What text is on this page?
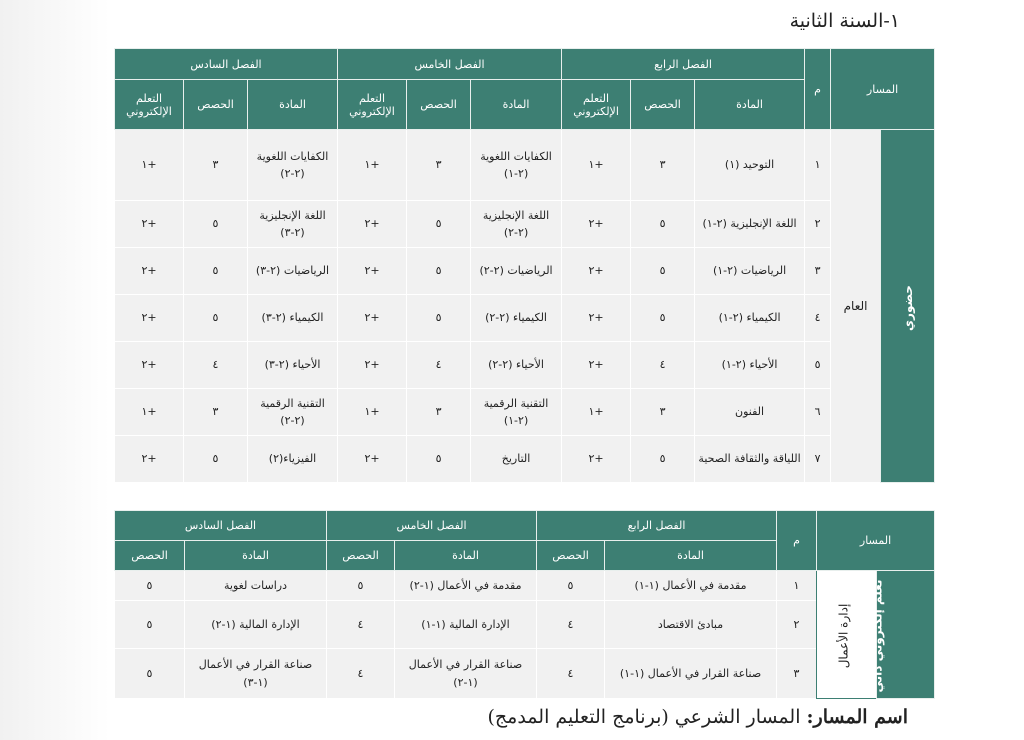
١-السنة الثانية
المسار		م	الفصل الرابع			الفصل الخامس			الفصل السادس		
			المادة	الحصص	التعلم الإلكتروني	المادة	الحصص	التعلم الإلكتروني	المادة	الحصص	التعلم الإلكتروني
حضوري	العام	١	التوحيد (١)	٣	+١	الكفايات اللغوية (٢-١)	٣	+١	الكفايات اللغوية (٢-٢)	٣	+١
		٢	اللغة الإنجليزية (٢-١)	٥	+٢	اللغة الإنجليزية (٢-٢)	٥	+٢	اللغة الإنجليزية (٢-٣)	٥	+٢
		٣	الرياضيات (٢-١)	٥	+٢	الرياضيات (٢-٢)	٥	+٢	الرياضيات (٢-٣)	٥	+٢
		٤	الكيمياء (٢-١)	٥	+٢	الكيمياء (٢-٢)	٥	+٢	الكيمياء (٢-٣)	٥	+٢
		٥	الأحياء (٢-١)	٤	+٢	الأحياء (٢-٢)	٤	+٢	الأحياء (٢-٣)	٤	+٢
		٦	الفنون	٣	+١	التقنية الرقمية (٢-١)	٣	+١	التقنية الرقمية (٢-٢)	٣	+١
		٧	اللياقة والثقافة الصحية	٥	+٢	التاريخ	٥	+٢	الفيزياء(٢)	٥	+٢
المسار		م	الفصل الرابع		الفصل الخامس		الفصل السادس	
			المادة	الحصص	المادة	الحصص	المادة	الحصص
تعلم إلكتروني ذاتي	إدارة الأعمال	١	مقدمة في الأعمال (١-١)	٥	مقدمة في الأعمال (١-٢)	٥	دراسات لغوية	٥
		٢	مبادئ الاقتصاد	٤	الإدارة المالية (١-١)	٤	الإدارة المالية (١-٢)	٥
		٣	صناعة القرار في الأعمال (١-١)	٤	صناعة القرار في الأعمال (١-٢)	٤	صناعة القرار في الأعمال (١-٣)	٥
اسم المسار: المسار الشرعي (برنامج التعليم المدمج)
